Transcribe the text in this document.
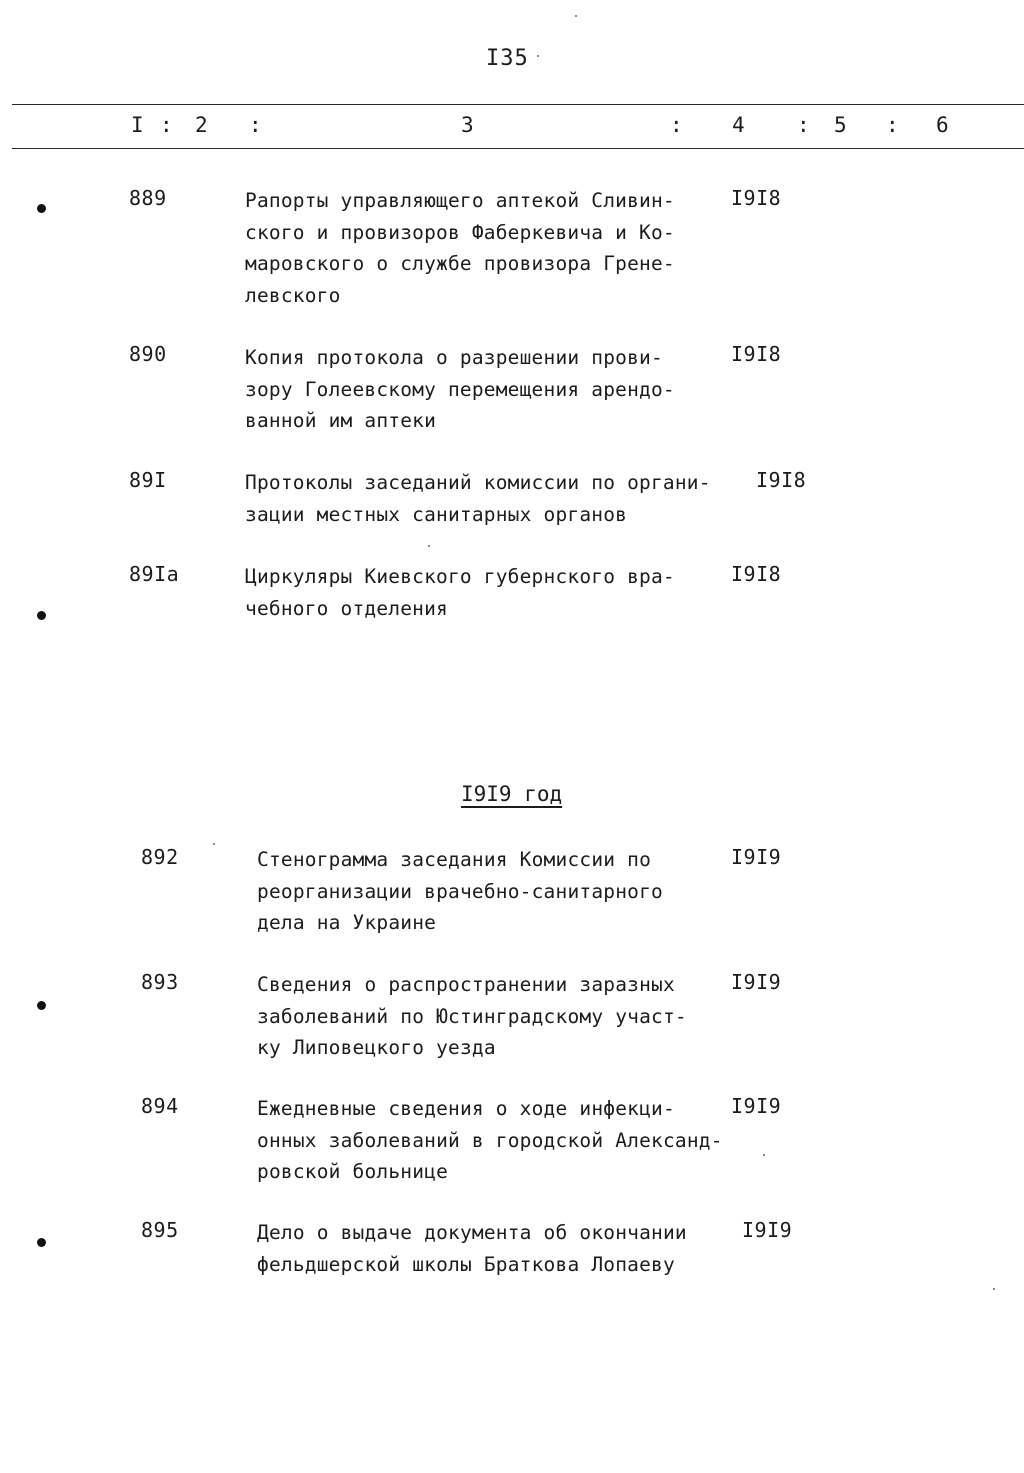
I35
I : 2 :	3	: 4 : 5 : 6
889	Рапорты управляющего аптекой Сливин-
ского и провизоров Фаберкевича и Ко-
маровского о службе провизора Гренe-
левского
I9I8
890	Копия протокола о разрешении прови-
зору Голеевскому перемещения арендо-
ванной им аптеки
I9I8
89I	Протоколы заседаний комиссии по органи-
зации местных санитарных органов
I9I8
89Iа	Циркуляры Киевского губернского вра-
чебного отделения
I9I8
I9I9 год
892	Стенограмма заседания Комиссии по
реорганизации врачебно-санитарного
дела на Украине
I9I9
893	Сведения о распространении заразных
заболеваний по Юстинградскому участ-
ку Липовецкого уезда
I9I9
894	Ежедневные сведения о ходе инфекци-
онных заболеваний в городской Александ-
ровской больнице
I9I9
895	Дело о выдаче документа об окончании
фельдшерской школы Браткова Лопаеву
I9I9
